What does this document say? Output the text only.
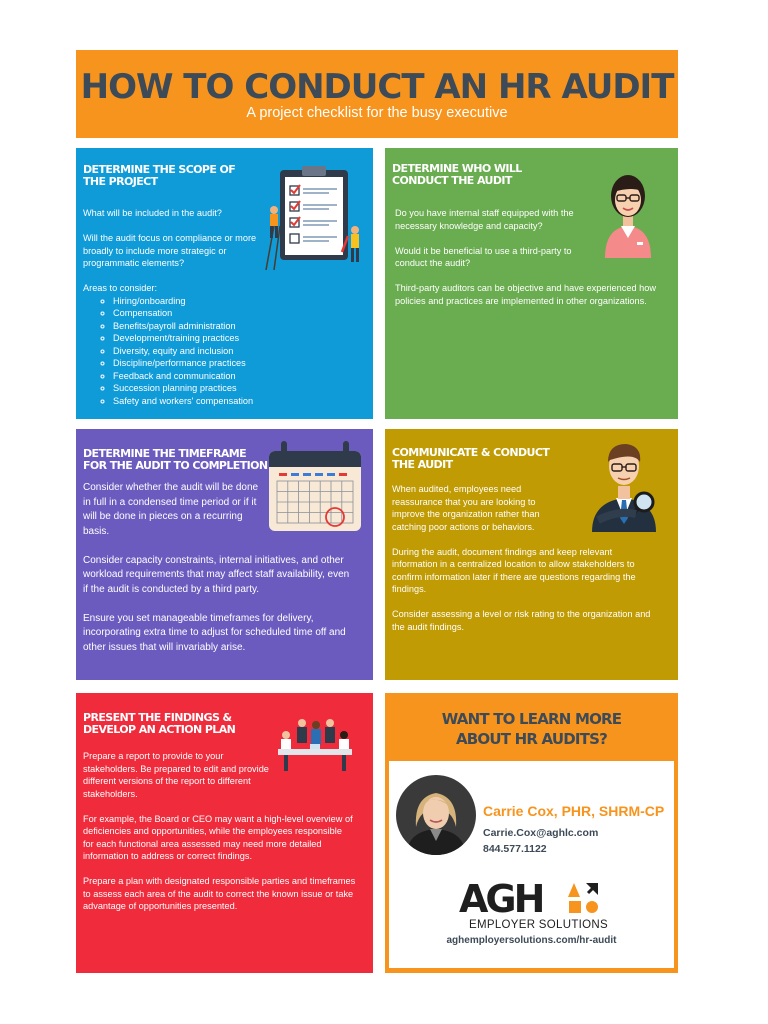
HOW TO CONDUCT AN HR AUDIT
A project checklist for the busy executive
DETERMINE THE SCOPE OF
THE PROJECT

What will be included in the audit?

Will the audit focus on compliance or more broadly to include more strategic or programmatic elements?

Areas to consider:
◦ Hiring/onboarding
◦ Compensation
◦ Benefits/payroll administration
◦ Development/training practices
◦ Diversity, equity and inclusion
◦ Discipline/performance practices
◦ Feedback and communication
◦ Succession planning practices
◦ Safety and workers' compensation
DETERMINE WHO WILL
CONDUCT THE AUDIT

Do you have internal staff equipped with the necessary knowledge and capacity?

Would it be beneficial to use a third-party to conduct the audit?

Third-party auditors can be objective and have experienced how policies and practices are implemented in other organizations.

DETERMINE THE TIMEFRAME
FOR THE AUDIT TO COMPLETION

Consider whether the audit will be done in full in a condensed time period or if it will be done in pieces on a recurring basis.

Consider capacity constraints, internal initiatives, and other workload requirements that may affect staff availability, even if the audit is conducted by a third party.

Ensure you set manageable timeframes for delivery, incorporating extra time to adjust for scheduled time off and other issues that will invariably arise.

COMMUNICATE & CONDUCT
THE AUDIT

When audited, employees need reassurance that you are looking to improve the organization rather than catching poor actions or behaviors.

During the audit, document findings and keep relevant information in a centralized location to allow stakeholders to confirm information later if there are questions regarding the findings.

Consider assessing a level or risk rating to the organization and the audit findings.

PRESENT THE FINDINGS &
DEVELOP AN ACTION PLAN

Prepare a report to provide to your stakeholders. Be prepared to edit and provide different versions of the report to different stakeholders.

For example, the Board or CEO may want a high-level overview of deficiencies and opportunities, while the employees responsible for each functional area assessed may need more detailed information to address or correct findings.

Prepare a plan with designated responsible parties and timeframes to assess each area of the audit to correct the known issue or take advantage of opportunities presented.

WANT TO LEARN MORE
ABOUT HR AUDITS?
Carrie Cox, PHR, SHRM-CP
Carrie.Cox@aghlc.com
844.577.1122
AGH
EMPLOYER SOLUTIONS
aghemployersolutions.com/hr-audit
